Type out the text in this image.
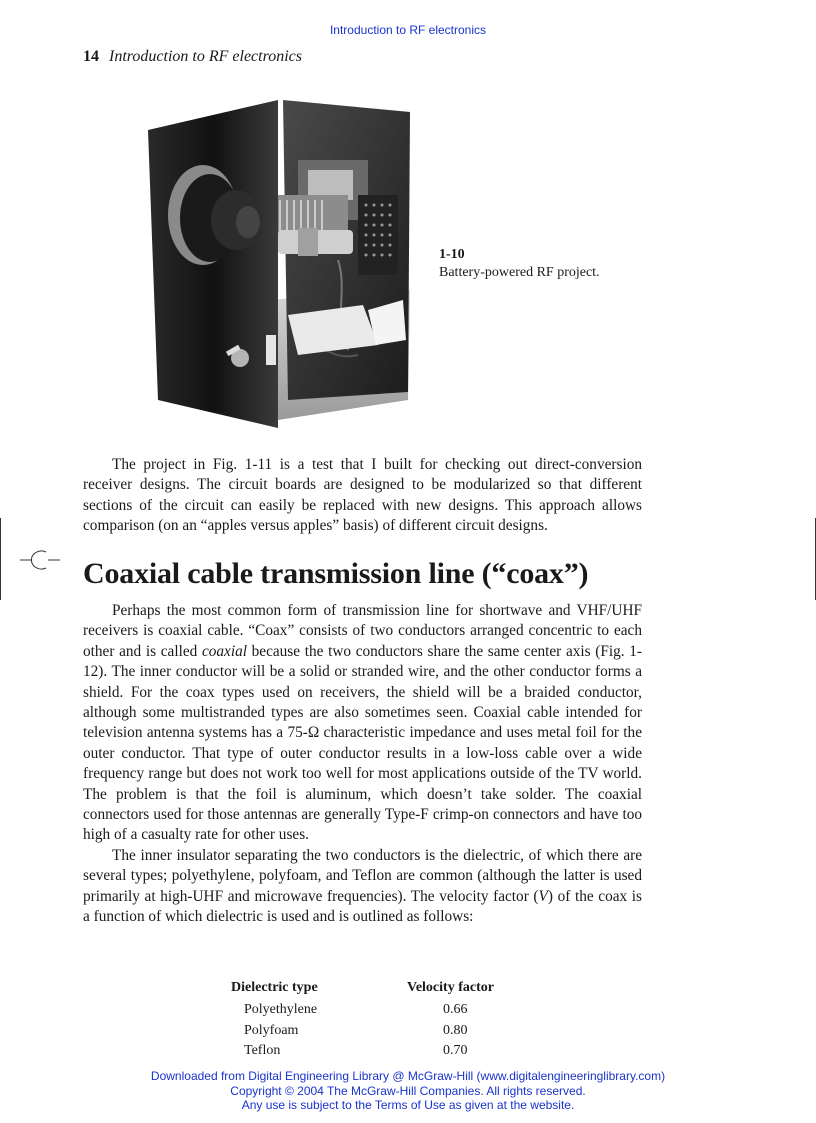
Introduction to RF electronics
14 Introduction to RF electronics
1-10
Battery-powered RF project.

The project in Fig. 1-11 is a test that I built for checking out direct-conversion receiver designs. The circuit boards are designed to be modularized so that different sections of the circuit can easily be replaced with new designs. This approach allows comparison (on an “apples versus apples” basis) of different circuit designs.

Coaxial cable transmission line (“coax”)

Perhaps the most common form of transmission line for shortwave and VHF/UHF receivers is coaxial cable. “Coax” consists of two conductors arranged concentric to each other and is called coaxial because the two conductors share the same center axis (Fig. 1-12). The inner conductor will be a solid or stranded wire, and the other conductor forms a shield. For the coax types used on receivers, the shield will be a braided conductor, although some multistranded types are also sometimes seen. Coaxial cable intended for television antenna systems has a 75-Ω characteristic impedance and uses metal foil for the outer conductor. That type of outer conductor results in a low-loss cable over a wide frequency range but does not work too well for most applications outside of the TV world. The problem is that the foil is aluminum, which doesn’t take solder. The coaxial connectors used for those antennas are generally Type-F crimp-on connectors and have too high of a casualty rate for other uses.

The inner insulator separating the two conductors is the dielectric, of which there are several types; polyethylene, polyfoam, and Teflon are common (although the latter is used primarily at high-UHF and microwave frequencies). The velocity factor (V) of the coax is a function of which dielectric is used and is outlined as follows:

Dielectric type	Velocity factor
Polyethylene	0.66
Polyfoam	0.80
Teflon	0.70
Downloaded from Digital Engineering Library @ McGraw-Hill (www.digitalengineeringlibrary.com)
Copyright © 2004 The McGraw-Hill Companies. All rights reserved.
Any use is subject to the Terms of Use as given at the website.
